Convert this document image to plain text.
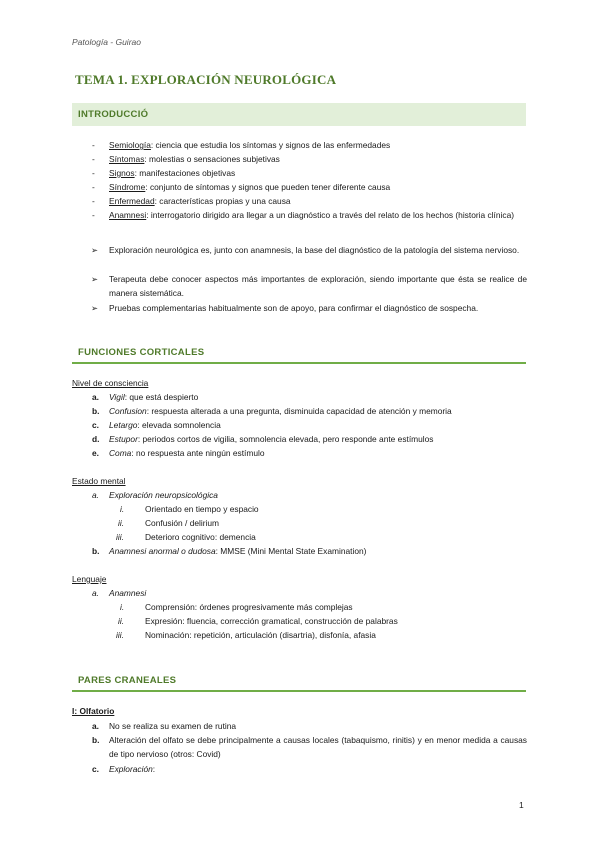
Patología - Guirao
TEMA 1. EXPLORACIÓN NEUROLÓGICA
INTRODUCCIÓ
- Semiología: ciencia que estudia los síntomas y signos de las enfermedades
- Síntomas: molestias o sensaciones subjetivas
- Signos: manifestaciones objetivas
- Síndrome: conjunto de síntomas y signos que pueden tener diferente causa
- Enfermedad: características propias y una causa
- Anamnesi: interrogatorio dirigido ara llegar a un diagnóstico a través del relato de los hechos (historia clínica)
➢ Exploración neurológica es, junto con anamnesis, la base del diagnóstico de la patología del sistema nervioso.
➢ Terapeuta debe conocer aspectos más importantes de exploración, siendo importante que ésta se realice de manera sistemática.
➢ Pruebas complementarias habitualmente son de apoyo, para confirmar el diagnóstico de sospecha.
FUNCIONES CORTICALES
Nivel de consciencia
a. Vigil: que está despierto
b. Confusion: respuesta alterada a una pregunta, disminuida capacidad de atención y memoria
c. Letargo: elevada somnolencia
d. Estupor: periodos cortos de vigilia, somnolencia elevada, pero responde ante estímulos
e. Coma: no respuesta ante ningún estímulo
Estado mental
a. Exploración neuropsicológica
i. Orientado en tiempo y espacio
ii. Confusión / delirium
iii.	Deterioro cognitivo: demencia
b. Anamnesi anormal o dudosa: MMSE (Mini Mental State Examination)
Lenguaje
a. Anamnesi
i. Comprensión: órdenes progresivamente más complejas
ii. Expresión: fluencia, corrección gramatical, construcción de palabras
iii.	Nominación: repetición, articulación (disartria), disfonía, afasia
PARES CRANEALES
I: Olfatorio
a. No se realiza su examen de rutina
b. Alteración del olfato se debe principalmente a causas locales (tabaquismo, rinitis) y en menor medida a causas de tipo nervioso (otros: Covid)
c. Exploración:
1
